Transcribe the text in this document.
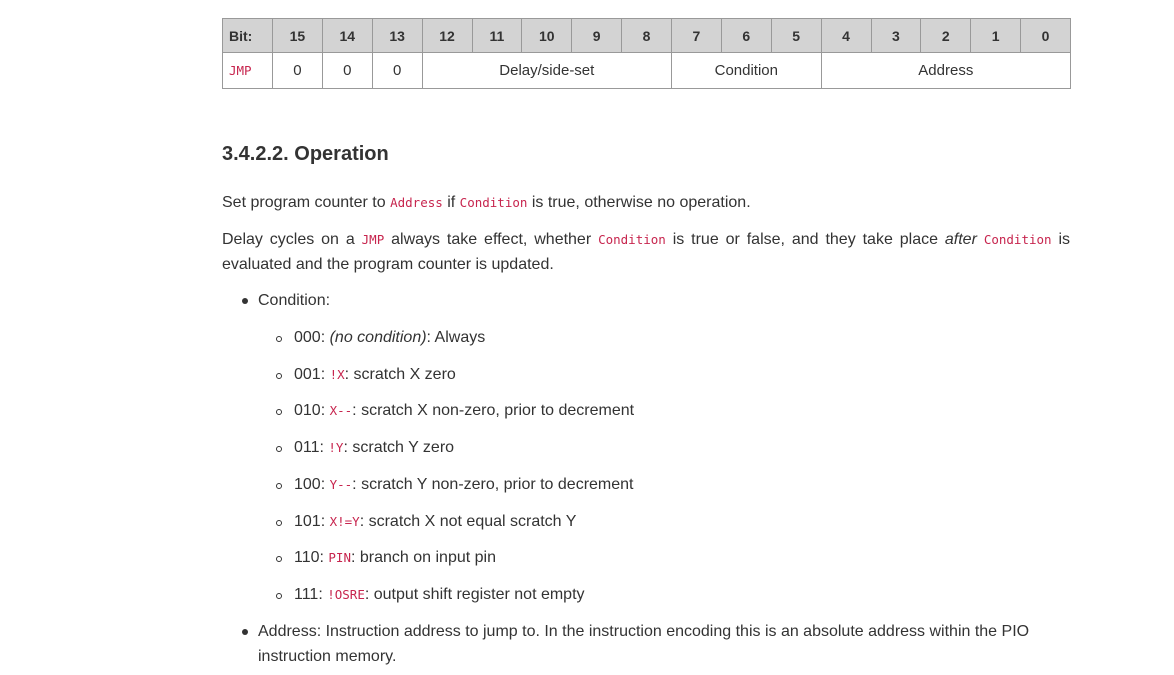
Bit:	15	14	13	12	11	10	9	8	7	6	5	4	3	2	1	0
JMP	0	0	0	Delay/side-set					Condition			Address				
3.4.2.2. Operation

Set program counter to Address if Condition is true, otherwise no operation.

Delay cycles on a JMP always take effect, whether Condition is true or false, and they take place after Condition is evaluated and the program counter is updated.

Condition:
000: (no condition): Always
001: !X: scratch X zero
010: X--: scratch X non-zero, prior to decrement
011: !Y: scratch Y zero
100: Y--: scratch Y non-zero, prior to decrement
101: X!=Y: scratch X not equal scratch Y
110: PIN: branch on input pin
111: !OSRE: output shift register not empty
Address: Instruction address to jump to. In the instruction encoding this is an absolute address within the PIO instruction memory.
